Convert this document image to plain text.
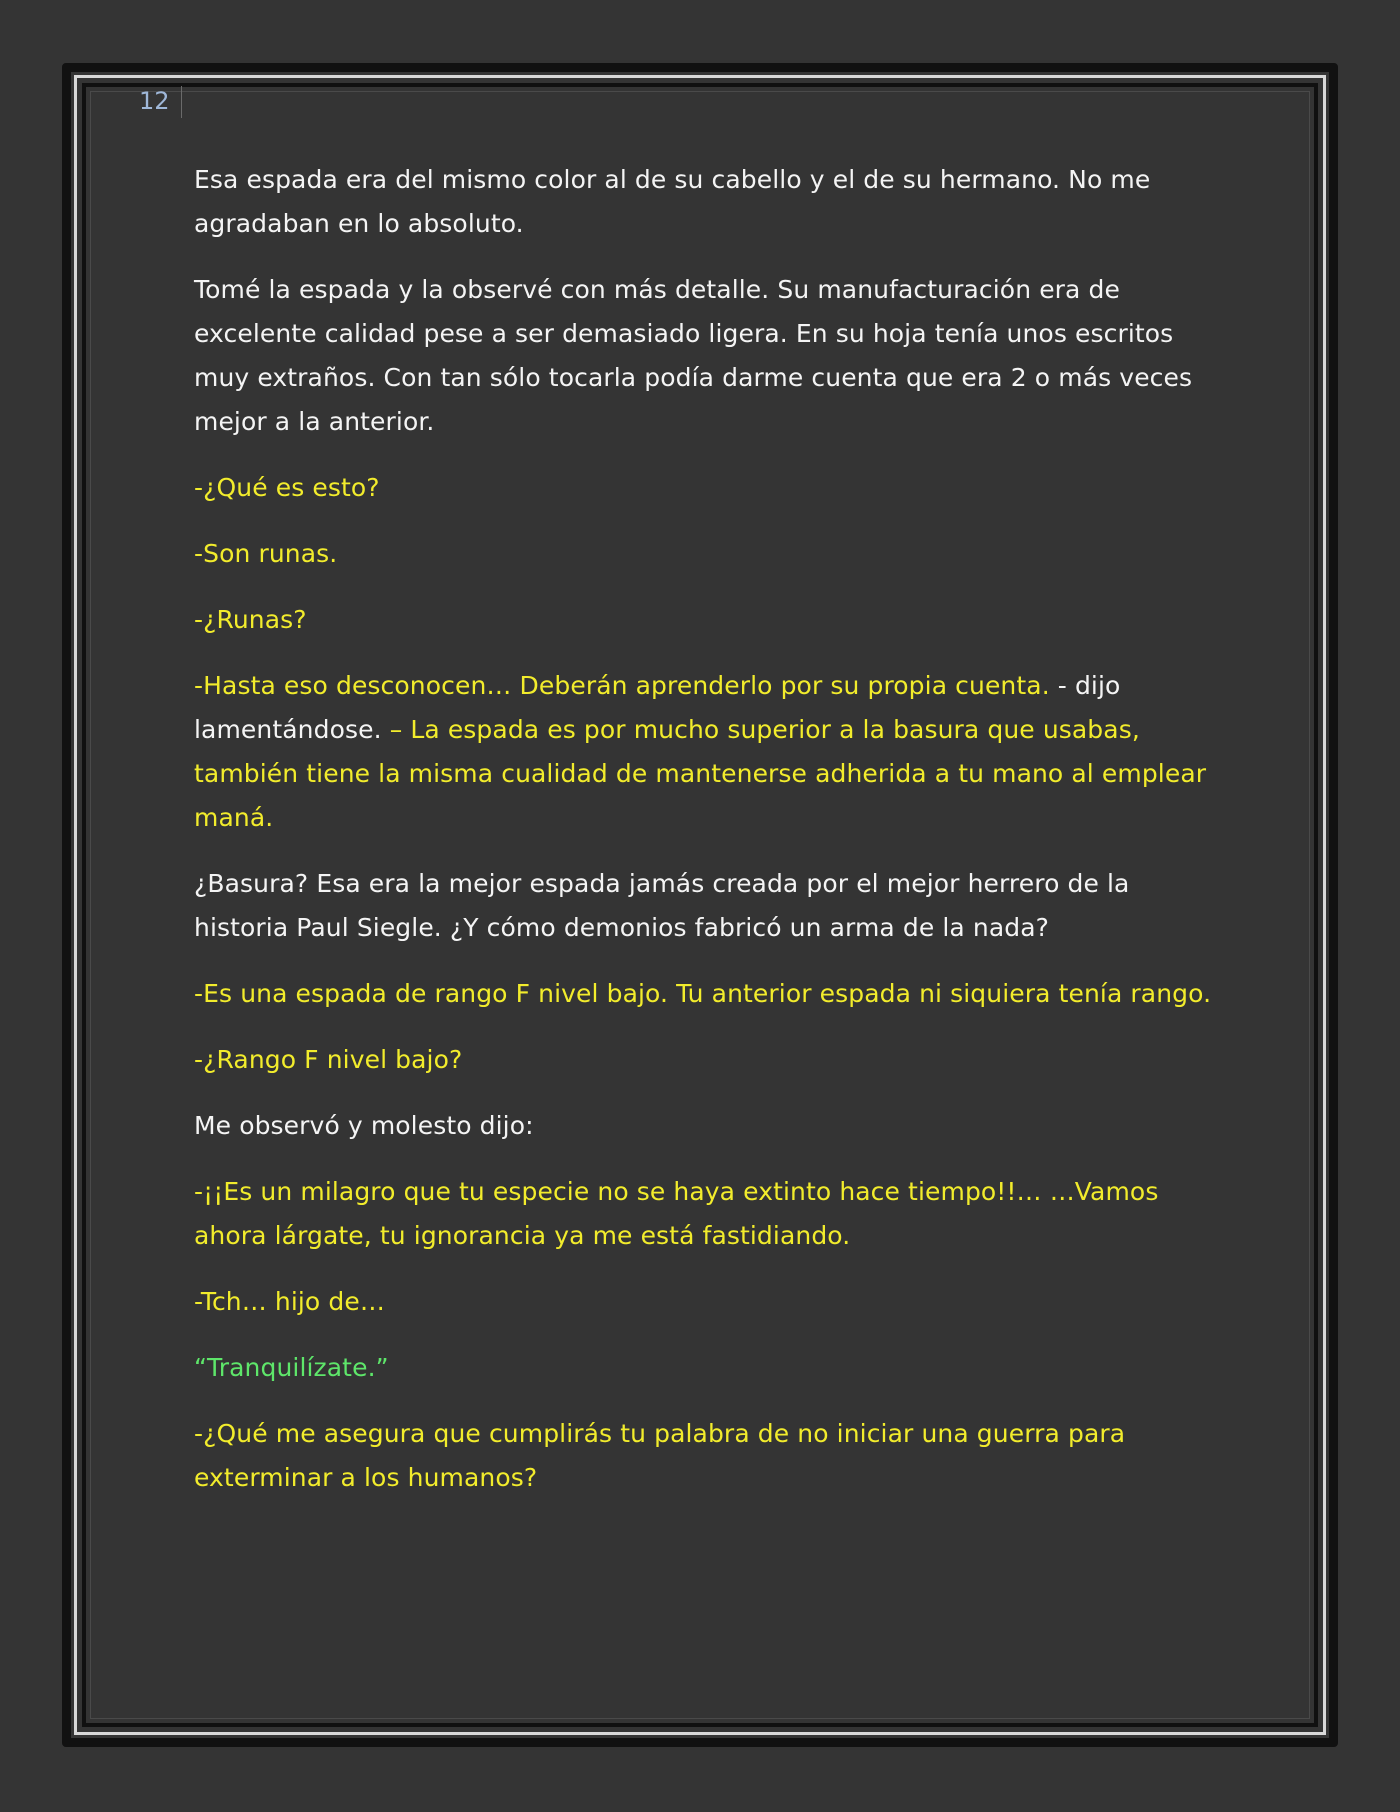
12

Esa espada era del mismo color al de su cabello y el de su hermano. No me agradaban en lo absoluto.

Tomé la espada y la observé con más detalle. Su manufacturación era de excelente calidad pese a ser demasiado ligera. En su hoja tenía unos escritos muy extraños. Con tan sólo tocarla podía darme cuenta que era 2 o más veces mejor a la anterior.

-¿Qué es esto?

-Son runas.

-¿Runas?

-Hasta eso desconocen… Deberán aprenderlo por su propia cuenta. - dijo lamentándose. – La espada es por mucho superior a la basura que usabas, también tiene la misma cualidad de mantenerse adherida a tu mano al emplear maná.

¿Basura? Esa era la mejor espada jamás creada por el mejor herrero de la historia Paul Siegle. ¿Y cómo demonios fabricó un arma de la nada?

-Es una espada de rango F nivel bajo. Tu anterior espada ni siquiera tenía rango.

-¿Rango F nivel bajo?

Me observó y molesto dijo:

-¡¡Es un milagro que tu especie no se haya extinto hace tiempo!!… …Vamos ahora lárgate, tu ignorancia ya me está fastidiando.

-Tch… hijo de…

“Tranquilízate.”

-¿Qué me asegura que cumplirás tu palabra de no iniciar una guerra para exterminar a los humanos?
